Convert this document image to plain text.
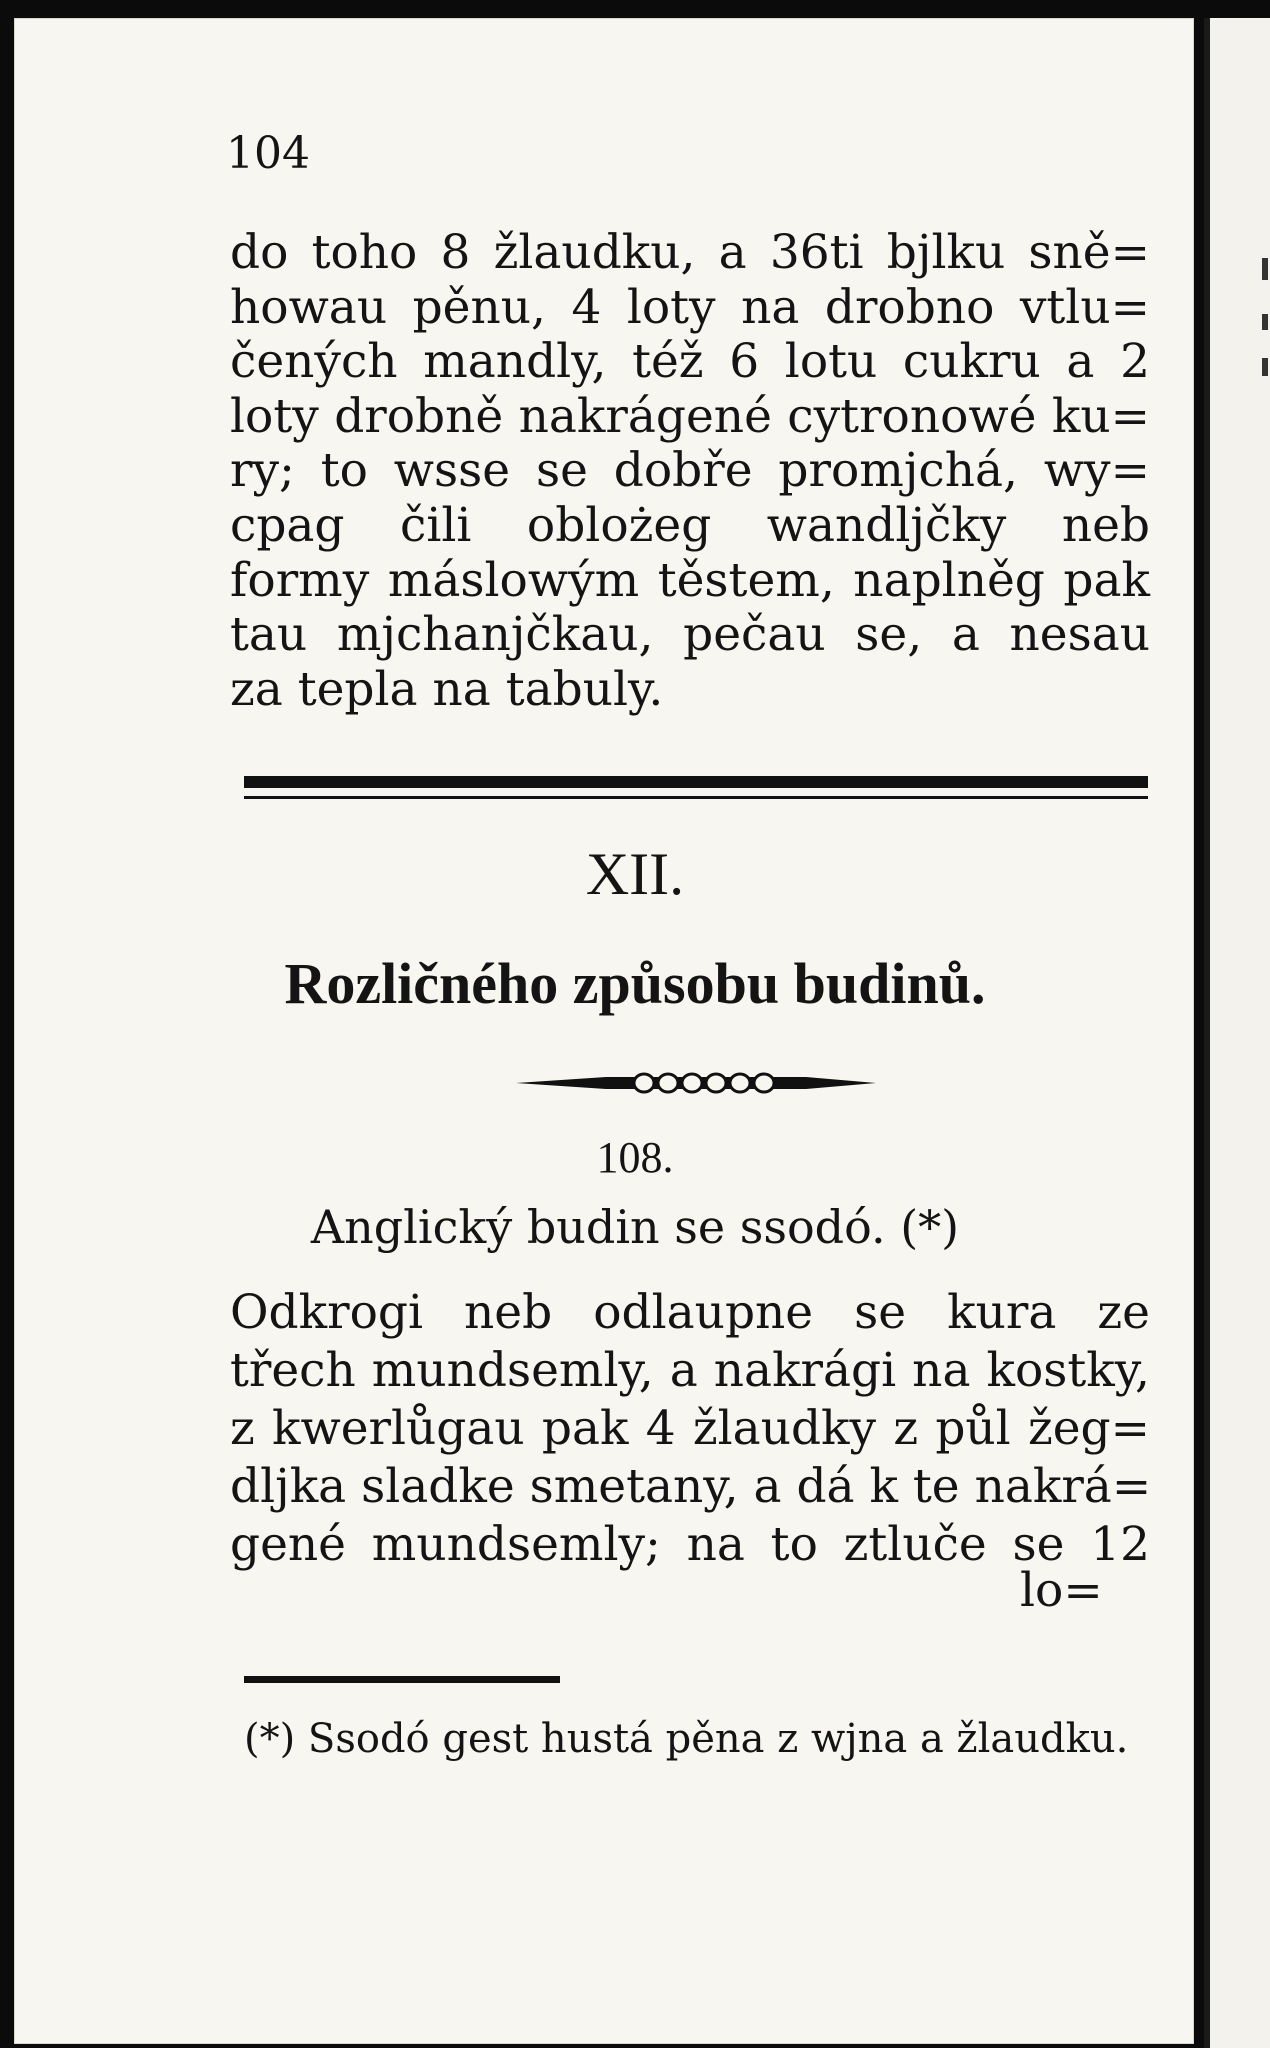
104
do toho 8 žlaudku, a 36ti bjlku sně=
howau pěnu, 4 loty na drobno vtlu=
čených mandly, též 6 lotu cukru a 2
loty drobně nakrágené cytronowé ku=
ry; to wsse se dobře promjchá, wy=
cpag čili oblożeg wandljčky neb
formy máslowým těstem, naplněg pak
tau mjchanjčkau, pečau se, a nesau
za tepla na tabuly.
XII.
Rozličného způsobu budinů.
108.
Anglický budin se ssodó. (*)
Odkrogi neb odlaupne se kura ze
třech mundsemly, a nakrági na kostky,
z kwerlůgau pak 4 žlaudky z půl žeg=
dljka sladke smetany, a dá k te nakrá=
gené mundsemly; na to ztluče se 12
lo=
(*) Ssodó gest hustá pěna z wjna a žlaudku.
